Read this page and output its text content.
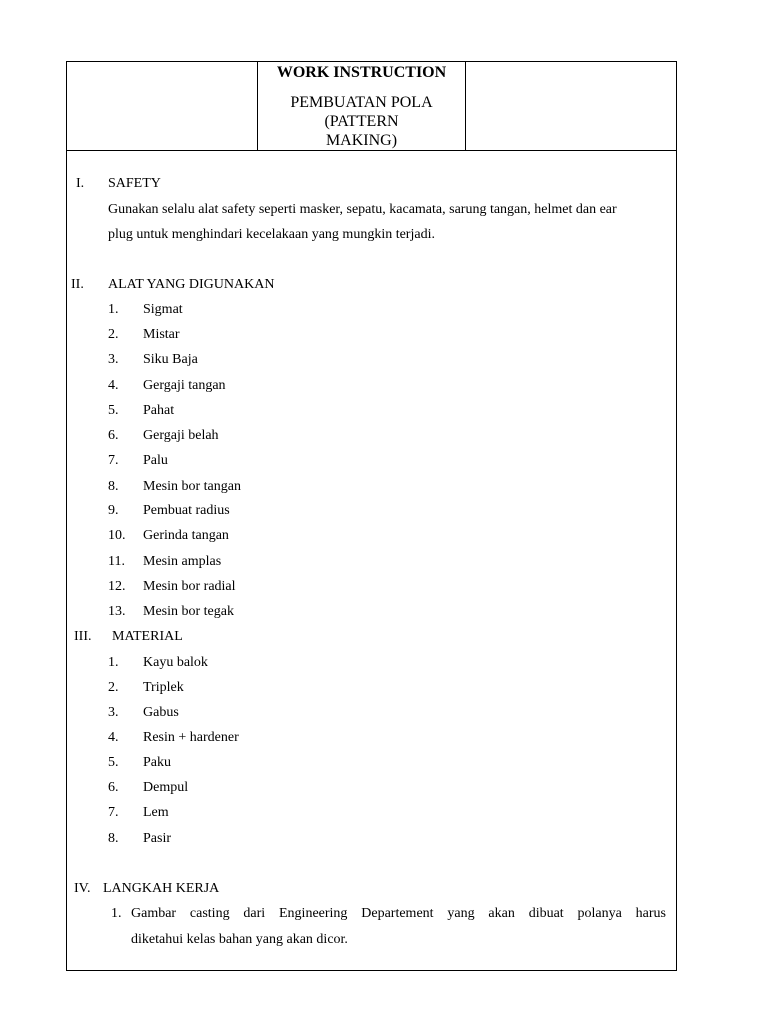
WORK INSTRUCTION
PEMBUATAN POLA (PATTERN MAKING)
I. SAFETY
Gunakan selalu alat safety seperti masker, sepatu, kacamata, sarung tangan, helmet dan ear
plug untuk menghindari kecelakaan yang mungkin terjadi.
II. ALAT YANG DIGUNAKAN
1. Sigmat
2. Mistar
3. Siku Baja
4. Gergaji tangan
5. Pahat
6. Gergaji belah
7. Palu
8. Mesin bor tangan
9. Pembuat radius
10. Gerinda tangan
11. Mesin amplas
12. Mesin bor radial
13. Mesin bor tegak
III. MATERIAL
1. Kayu balok
2. Triplek
3. Gabus
4. Resin + hardener
5. Paku
6. Dempul
7. Lem
8. Pasir
IV. LANGKAH KERJA
1. Gambar casting dari Engineering Departement yang akan dibuat polanya harus
diketahui kelas bahan yang akan dicor.
